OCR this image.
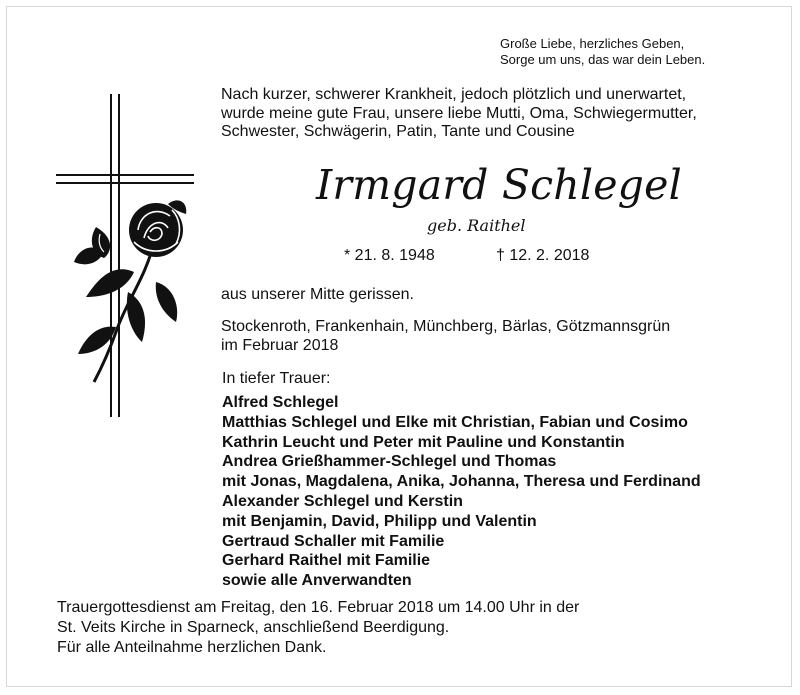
Große Liebe, herzliches Geben,
Sorge um uns, das war dein Leben.
Nach kurzer, schwerer Krankheit, jedoch plötzlich und unerwartet,
wurde meine gute Frau, unsere liebe Mutti, Oma, Schwiegermutter,
Schwester, Schwägerin, Patin, Tante und Cousine
Irmgard Schlegel
geb. Raithel
* 21. 8. 1948	† 12. 2. 2018
aus unserer Mitte gerissen.
Stockenroth, Frankenhain, Münchberg, Bärlas, Götzmannsgrün
im Februar 2018
In tiefer Trauer:
Alfred Schlegel
Matthias Schlegel und Elke mit Christian, Fabian und Cosimo
Kathrin Leucht und Peter mit Pauline und Konstantin
Andrea Grießhammer-Schlegel und Thomas
mit Jonas, Magdalena, Anika, Johanna, Theresa und Ferdinand
Alexander Schlegel und Kerstin
mit Benjamin, David, Philipp und Valentin
Gertraud Schaller mit Familie
Gerhard Raithel mit Familie
sowie alle Anverwandten
Trauergottesdienst am Freitag, den 16. Februar 2018 um 14.00 Uhr in der
St. Veits Kirche in Sparneck, anschließend Beerdigung.
Für alle Anteilnahme herzlichen Dank.
